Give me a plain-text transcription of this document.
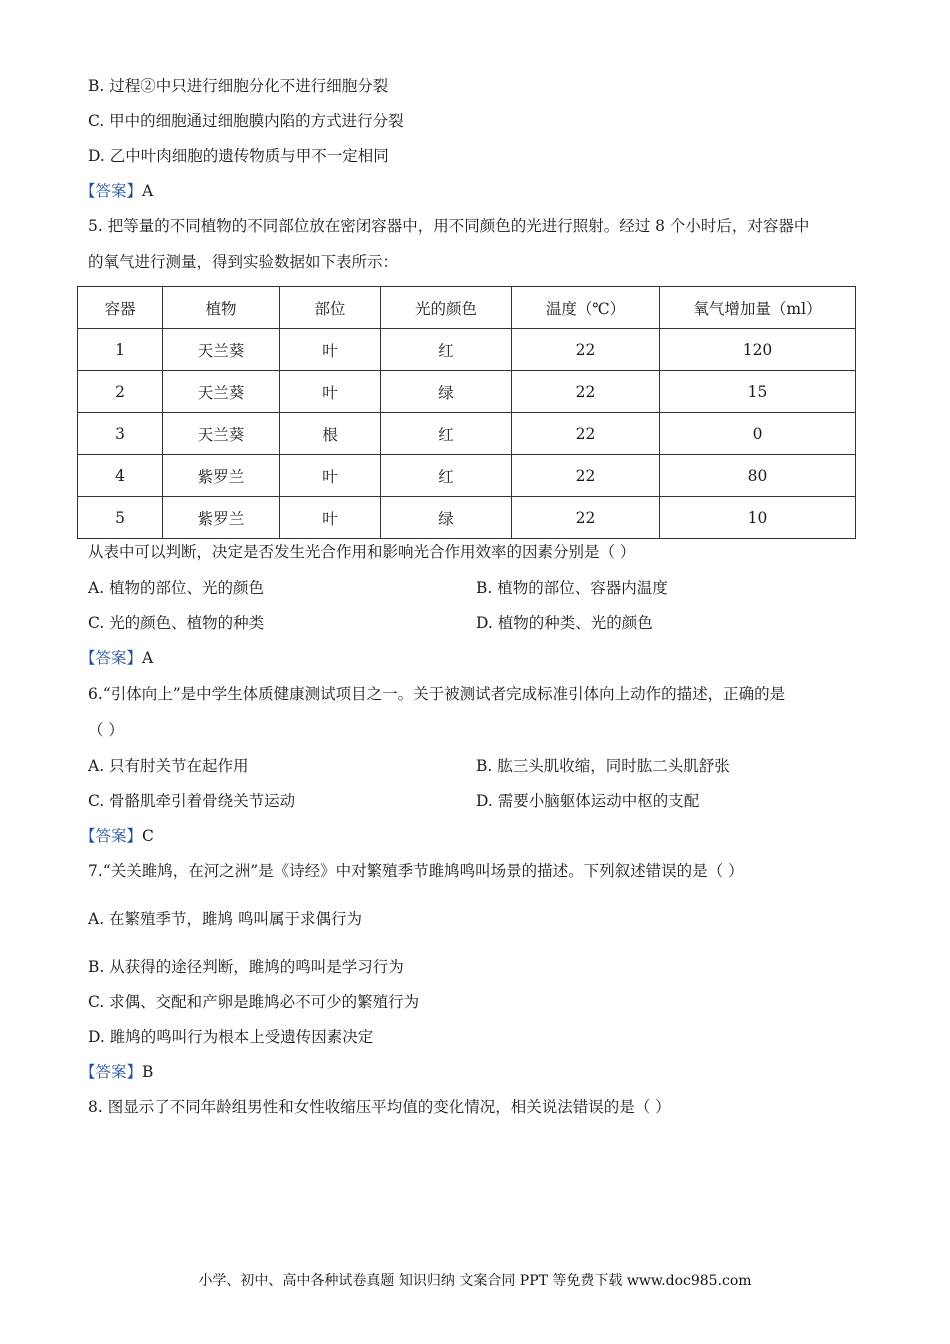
B. 过程②中只进行细胞分化不进行细胞分裂
C. 甲中的细胞通过细胞膜内陷的方式进行分裂
D. 乙中叶肉细胞的遗传物质与甲不一定相同
【答案】A
5. 把等量的不同植物的不同部位放在密闭容器中，用不同颜色的光进行照射。经过 8 个小时后，对容器中
的氧气进行测量，得到实验数据如下表所示：
容器	植物	部位	光的颜色	温度（℃）	氧气增加量（ml）
1	天兰葵	叶	红	22	120
2	天兰葵	叶	绿	22	15
3	天兰葵	根	红	22	0
4	紫罗兰	叶	红	22	80
5	紫罗兰	叶	绿	22	10
从表中可以判断，决定是否发生光合作用和影响光合作用效率的因素分别是（ ）
A. 植物的部位、光的颜色	B. 植物的部位、容器内温度
C. 光的颜色、植物的种类	D. 植物的种类、光的颜色
【答案】A
6.“引体向上”是中学生体质健康测试项目之一。关于被测试者完成标准引体向上动作的描述，正确的是
（ ）
A. 只有肘关节在起作用	B. 肱三头肌收缩，同时肱二头肌舒张
C. 骨骼肌牵引着骨绕关节运动	D. 需要小脑躯体运动中枢的支配
【答案】C
7.“关关雎鸠，在河之洲”是《诗经》中对繁殖季节雎鸠鸣叫场景的描述。下列叙述错误的是（ ）
A. 在繁殖季节，雎鸠 鸣叫属于求偶行为
B. 从获得的途径判断，雎鸠的鸣叫是学习行为
C. 求偶、交配和产卵是雎鸠必不可少的繁殖行为
D. 雎鸠的鸣叫行为根本上受遗传因素决定
【答案】B
8. 图显示了不同年龄组男性和女性收缩压平均值的变化情况，相关说法错误的是（ ）
小学、初中、高中各种试卷真题 知识归纳 文案合同 PPT 等免费下载 www.doc985.com
